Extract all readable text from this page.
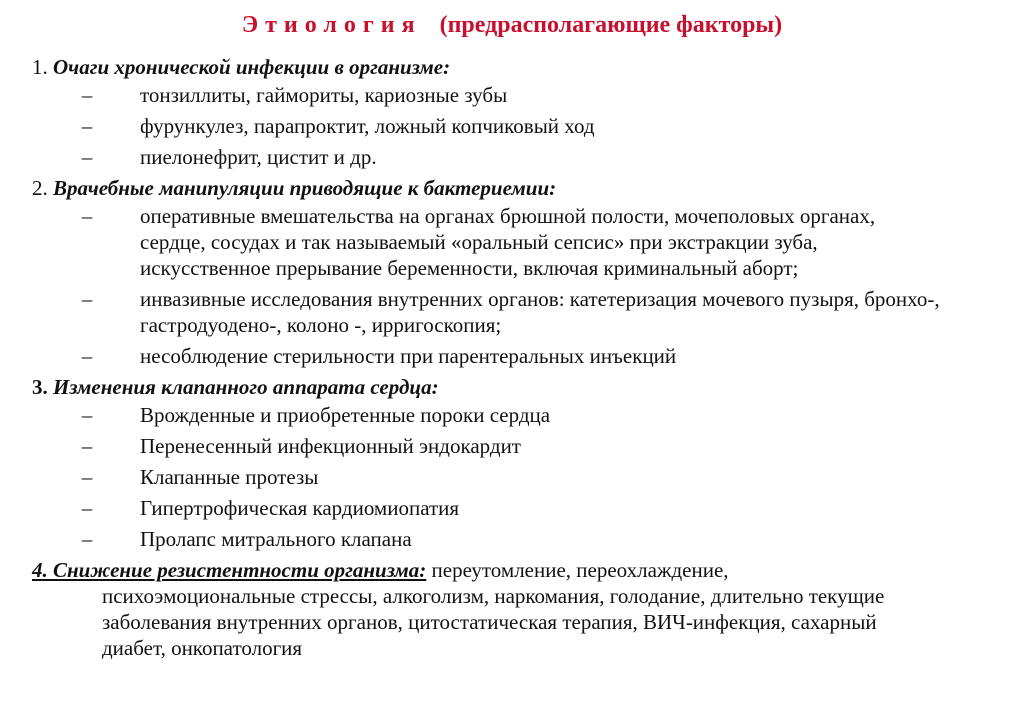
Этиология (предрасполагающие факторы)
1. Очаги хронической инфекции в организме:
– тонзиллиты, гаймориты, кариозные зубы
– фурункулез, парапроктит, ложный копчиковый ход
– пиелонефрит, цистит и др.
2. Врачебные манипуляции приводящие к бактериемии:
– оперативные вмешательства на органах брюшной полости, мочеполовых органах, сердце, сосудах и так называемый «оральный сепсис» при экстракции зуба, искусственное прерывание беременности, включая криминальный аборт;
– инвазивные исследования внутренних органов: катетеризация мочевого пузыря, бронхо-, гастродуодено-, колоно -, ирригоскопия;
– несоблюдение стерильности при парентеральных инъекций
3. Изменения клапанного аппарата сердца:
– Врожденные и приобретенные пороки сердца
– Перенесенный инфекционный эндокардит
– Клапанные протезы
– Гипертрофическая кардиомиопатия
– Пролапс митрального клапана
4. Снижение резистентности организма: переутомление, переохлаждение, психоэмоциональные стрессы, алкоголизм, наркомания, голодание, длительно текущие заболевания внутренних органов, цитостатическая терапия, ВИЧ-инфекция, сахарный диабет, онкопатология
